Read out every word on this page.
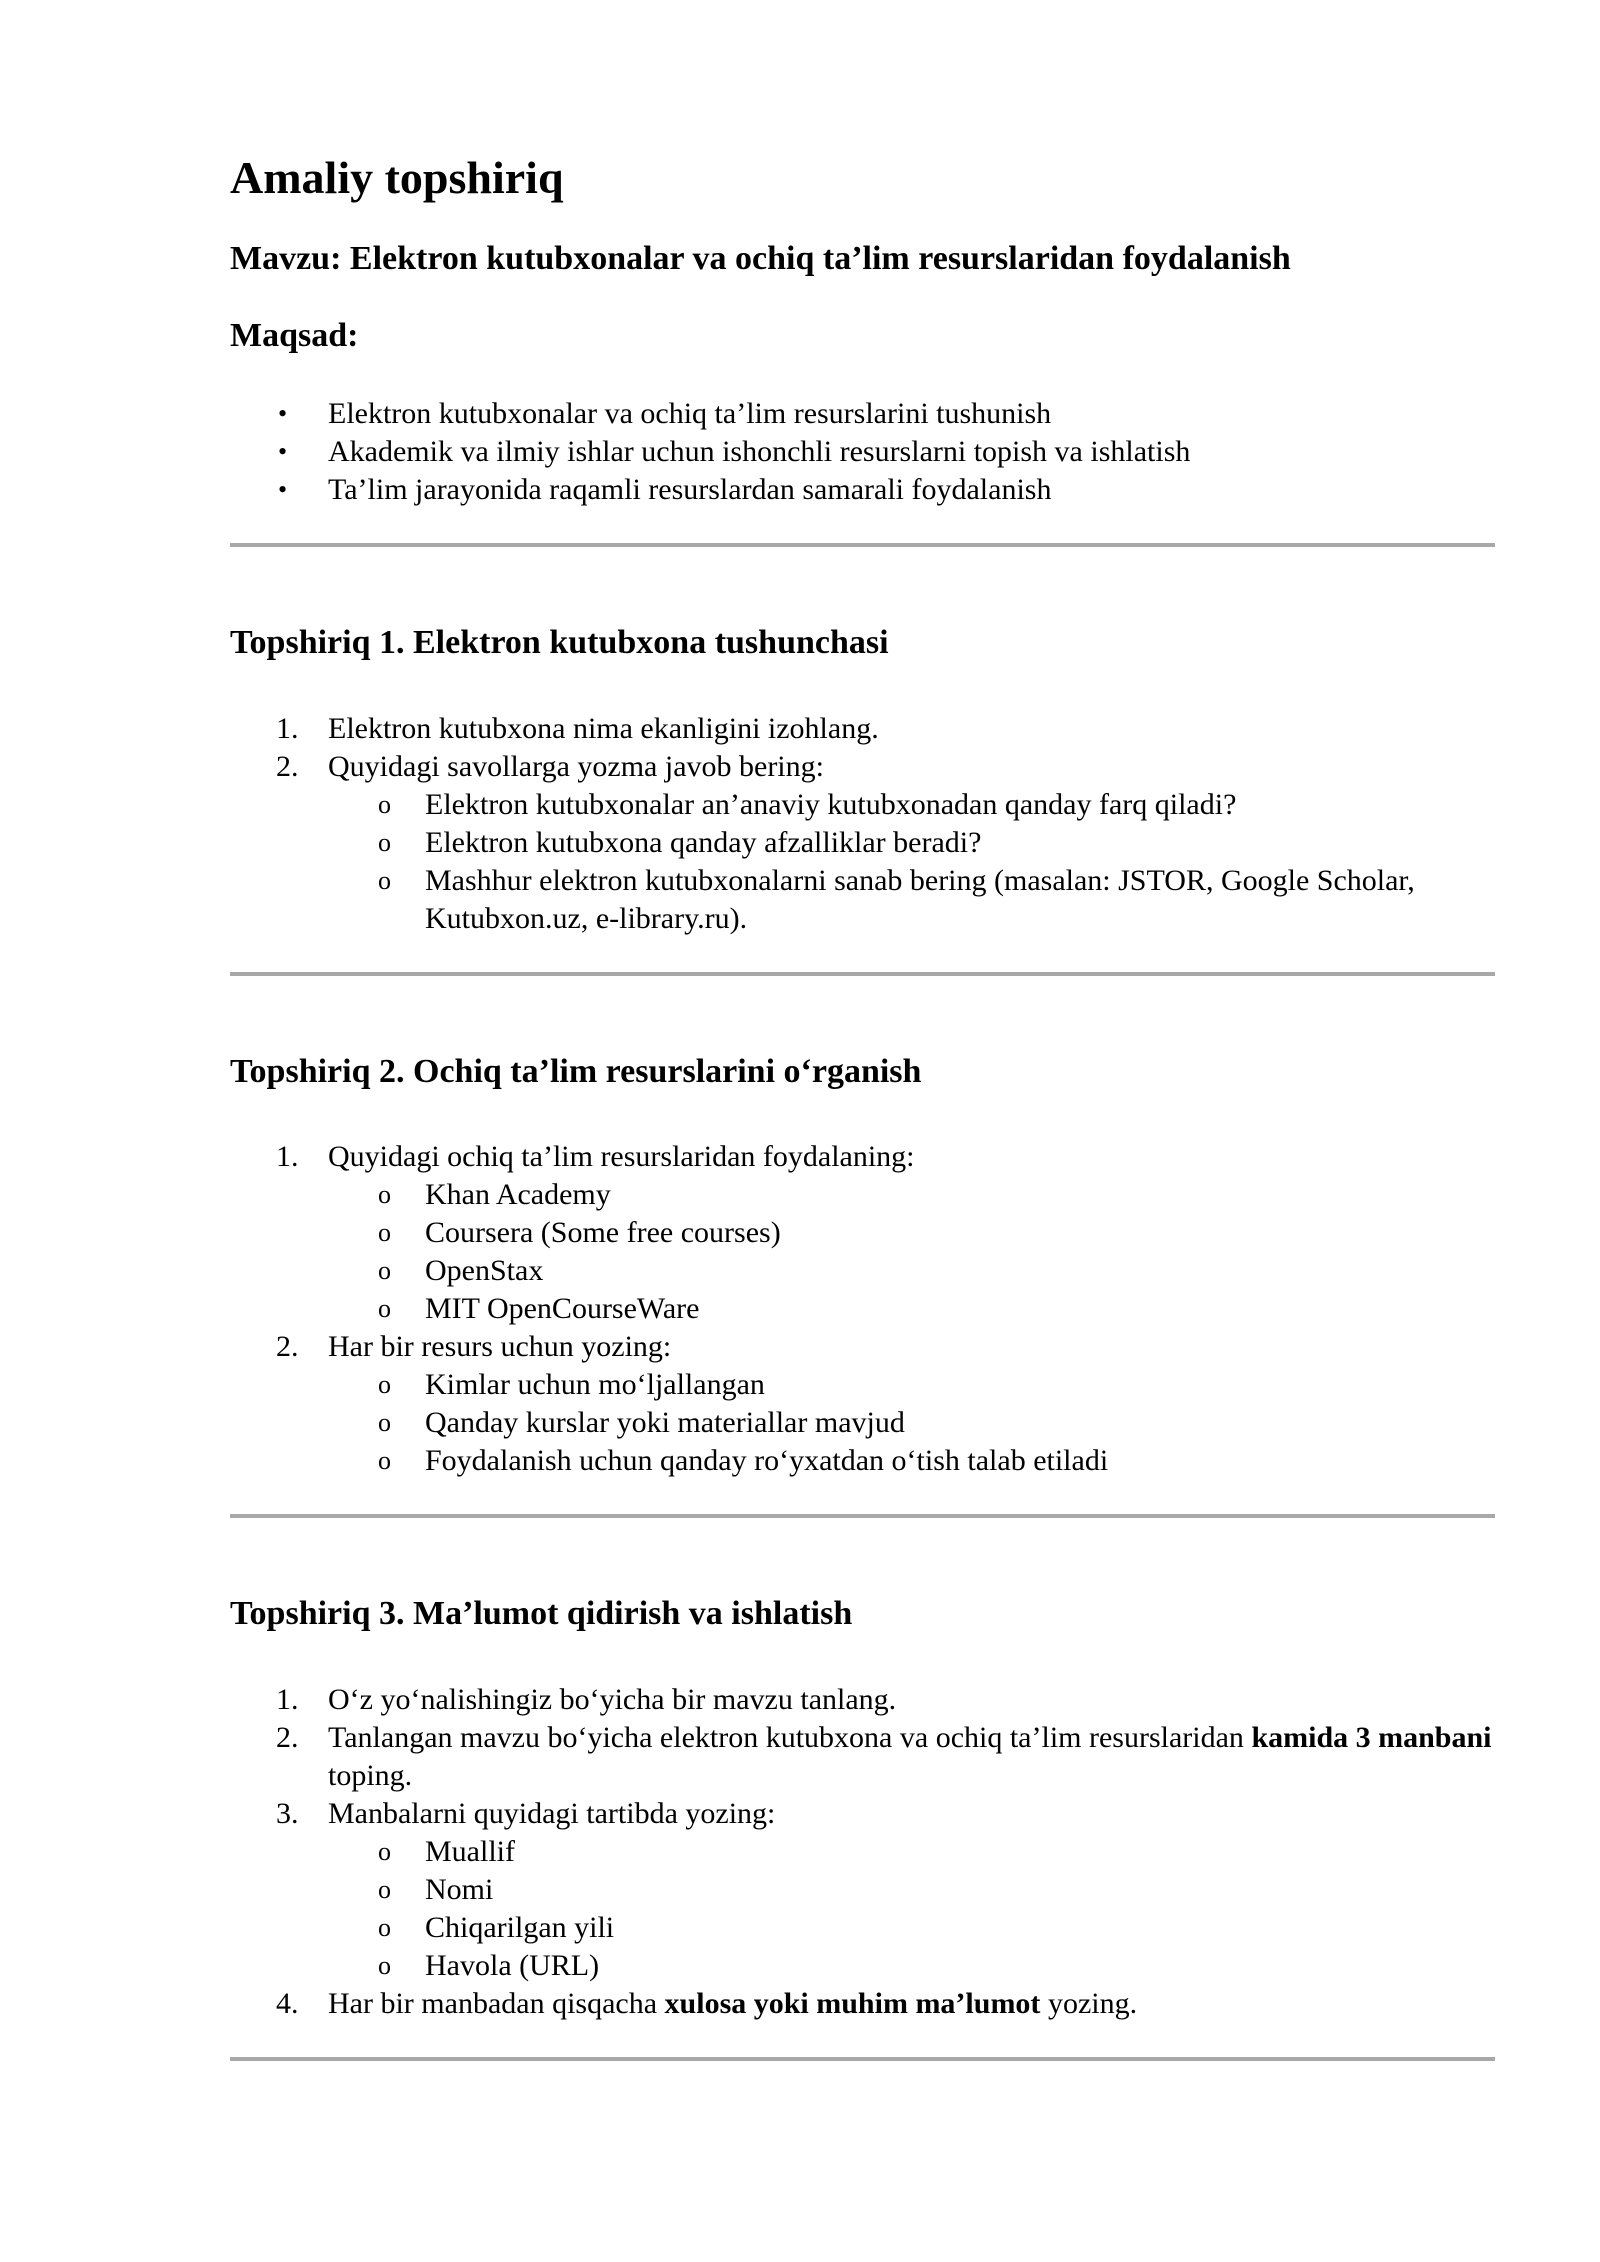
Amaliy topshiriq
Mavzu: Elektron kutubxonalar va ochiq ta’lim resurslaridan foydalanish

Maqsad:

• Elektron kutubxonalar va ochiq ta’lim resurslarini tushunish
• Akademik va ilmiy ishlar uchun ishonchli resurslarni topish va ishlatish
• Ta’lim jarayonida raqamli resurslardan samarali foydalanish
Topshiriq 1. Elektron kutubxona tushunchasi
1. Elektron kutubxona nima ekanligini izohlang.
2. Quyidagi savollarga yozma javob bering:
o Elektron kutubxonalar an’anaviy kutubxonadan qanday farq qiladi?
o Elektron kutubxona qanday afzalliklar beradi?
o Mashhur elektron kutubxonalarni sanab bering (masalan: JSTOR, Google Scholar, Kutubxon.uz, e-library.ru).
Topshiriq 2. Ochiq ta’lim resurslarini o‘rganish
1. Quyidagi ochiq ta’lim resurslaridan foydalaning:
o Khan Academy
o Coursera (Some free courses)
o OpenStax
o MIT OpenCourseWare
2. Har bir resurs uchun yozing:
o Kimlar uchun mo‘ljallangan
o Qanday kurslar yoki materiallar mavjud
o Foydalanish uchun qanday ro‘yxatdan o‘tish talab etiladi
Topshiriq 3. Ma’lumot qidirish va ishlatish
1. O‘z yo‘nalishingiz bo‘yicha bir mavzu tanlang.
2. Tanlangan mavzu bo‘yicha elektron kutubxona va ochiq ta’lim resurslaridan kamida 3 manbani toping.
3. Manbalarni quyidagi tartibda yozing:
o Muallif
o Nomi
o Chiqarilgan yili
o Havola (URL)
4. Har bir manbadan qisqacha xulosa yoki muhim ma’lumot yozing.
